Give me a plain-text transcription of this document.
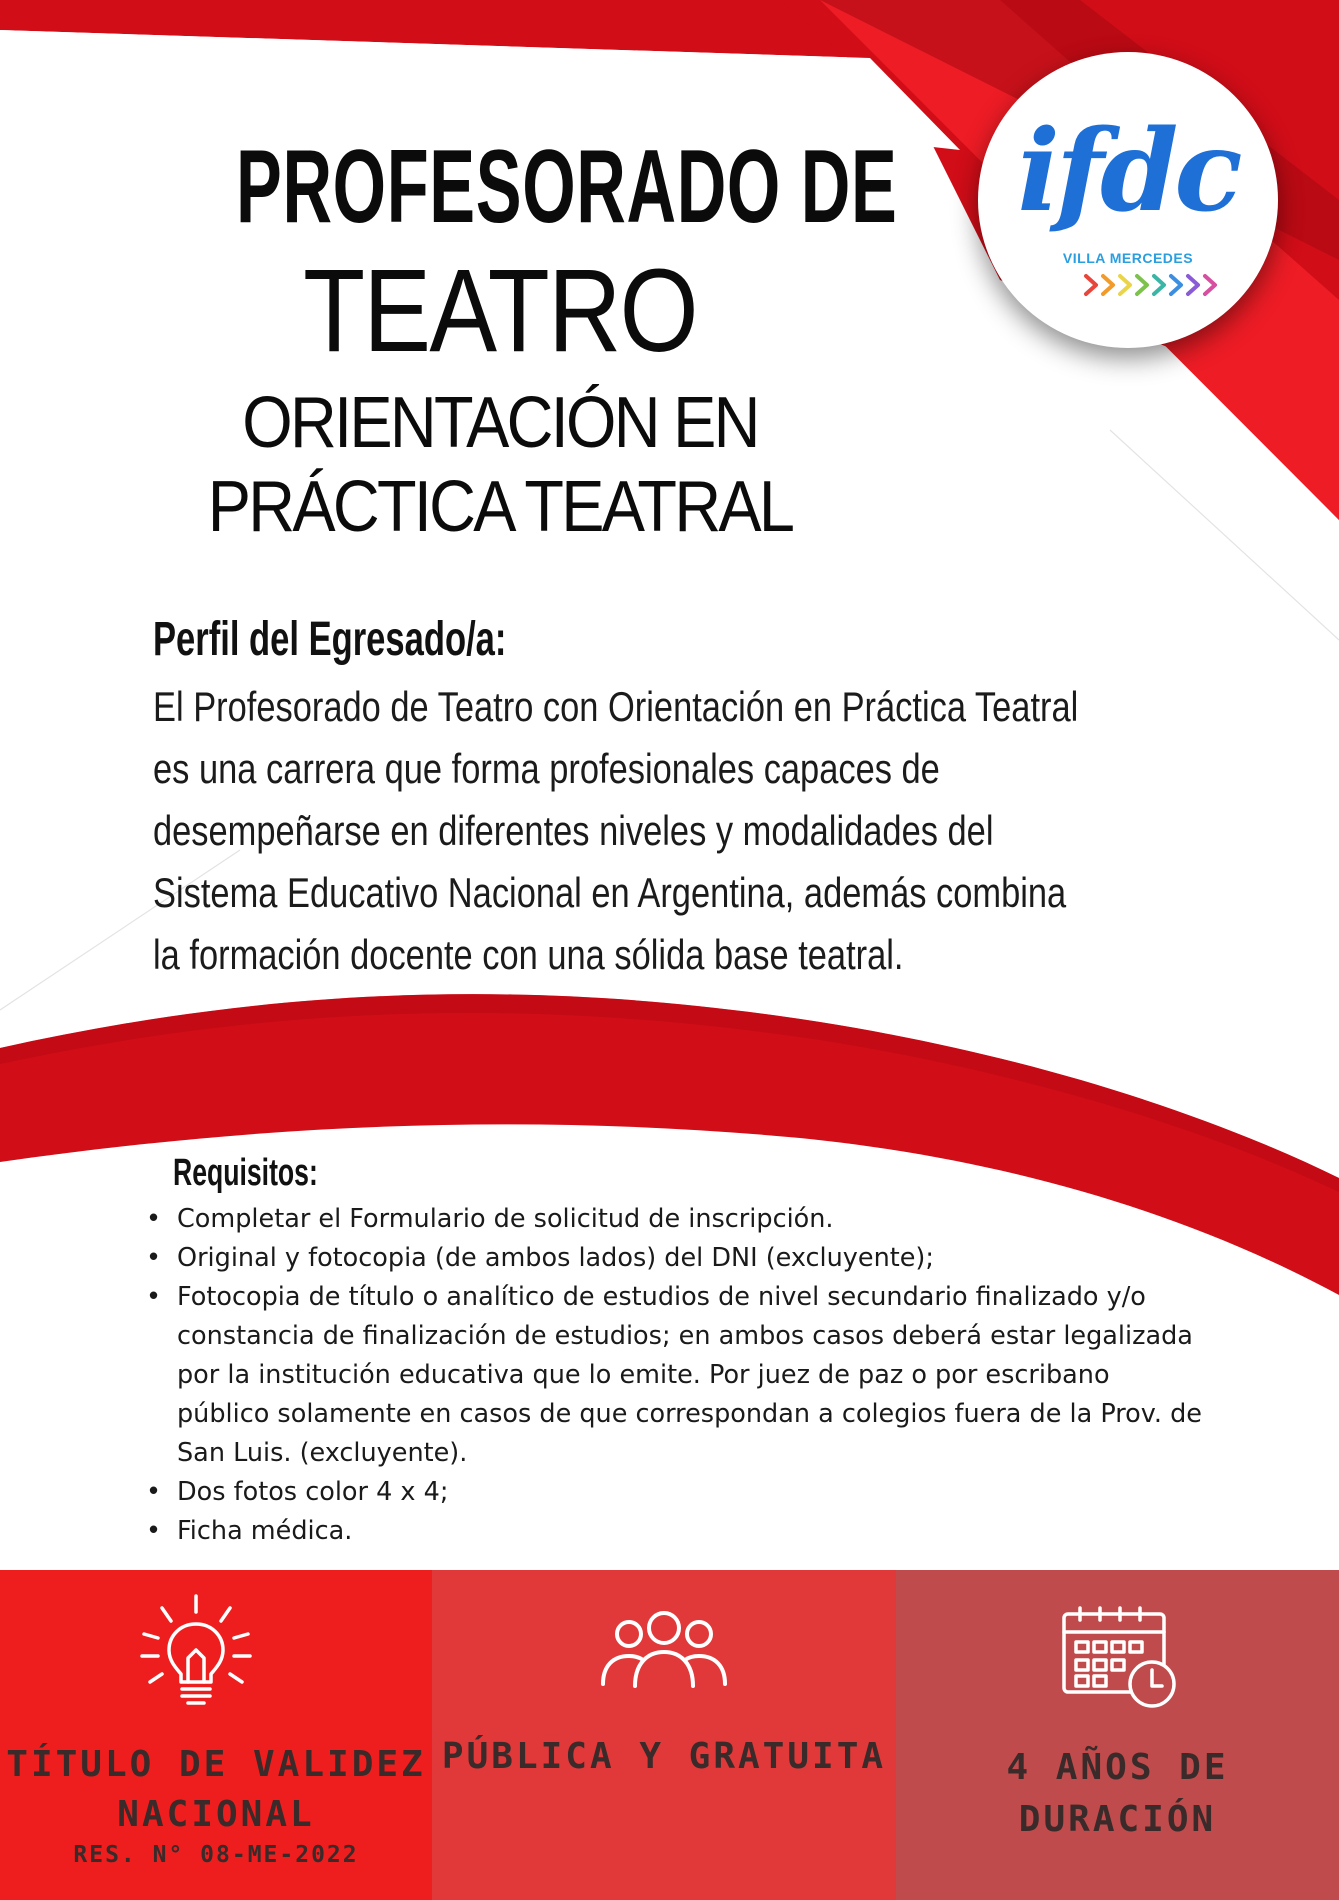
ifdc
VILLA MERCEDES
PROFESORADO DE
TEATRO
ORIENTACIÓN EN
PRÁCTICA TEATRAL
Perfil del Egresado/a:

El Profesorado de Teatro con Orientación en Práctica Teatral
es una carrera que forma profesionales capaces de
desempeñarse en diferentes niveles y modalidades del
Sistema Educativo Nacional en Argentina, además combina
la formación docente con una sólida base teatral.

Requisitos:
• Completar el Formulario de solicitud de inscripción.
• Original y fotocopia (de ambos lados) del DNI (excluyente);
• Fotocopia de título o analítico de estudios de nivel secundario finalizado y/o constancia de finalización de estudios; en ambos casos deberá estar legalizada por la institución educativa que lo emite. Por juez de paz o por escribano público solamente en casos de que correspondan a colegios fuera de la Prov. de San Luis. (excluyente).
• Dos fotos color 4 x 4;
• Ficha médica.
TÍTULO DE VALIDEZ
NACIONAL
RES. N° 08-ME-2022
PÚBLICA Y GRATUITA	4 AÑOS DE
DURACIÓN
